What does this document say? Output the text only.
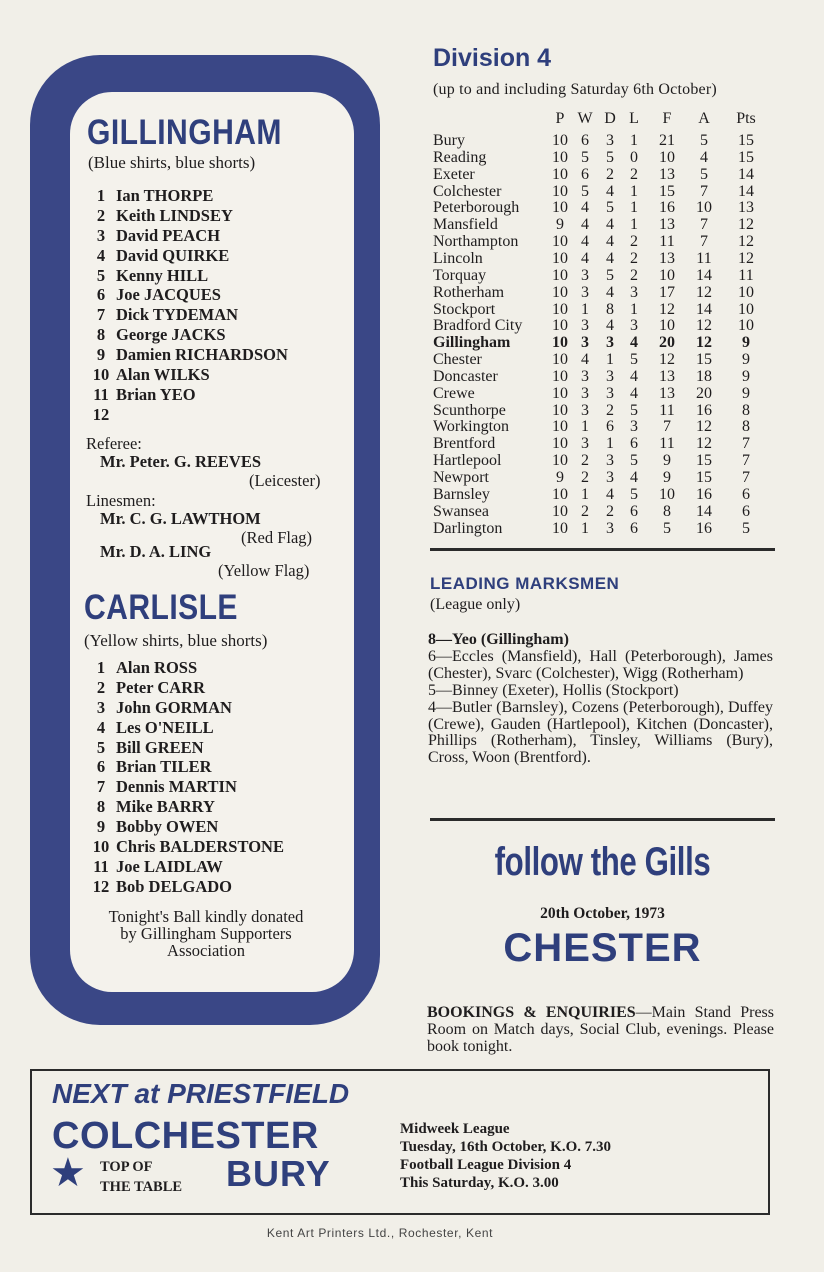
GILLINGHAM
(Blue shirts, blue shorts)
1 Ian THORPE
2 Keith LINDSEY
3 David PEACH
4 David QUIRKE
5 Kenny HILL
6 Joe JACQUES
7 Dick TYDEMAN
8 George JACKS
9 Damien RICHARDSON
10 Alan WILKS
11 Brian YEO
12
Referee:
Mr. Peter. G. REEVES
(Leicester)
Linesmen:
Mr. C. G. LAWTHOM
(Red Flag)
Mr. D. A. LING
(Yellow Flag)
CARLISLE
(Yellow shirts, blue shorts)
1 Alan ROSS
2 Peter CARR
3 John GORMAN
4 Les O'NEILL
5 Bill GREEN
6 Brian TILER
7 Dennis MARTIN
8 Mike BARRY
9 Bobby OWEN
10 Chris BALDERSTONE
11 Joe LAIDLAW
12 Bob DELGADO
Tonight's Ball kindly donated
by Gillingham Supporters
Association
Division 4
(up to and including Saturday 6th October)
P W D L	F	A	Pts
Bury	10 6	3	1	21	5	15
Reading	10 5	5	0	10	4	15
Exeter	10 6	2	2	13	5	14
Colchester	10 5	4	1	15	7	14
Peterborough 10 4	5	1	16 10 13
Mansfield	9	4	4	1	13	7	12
Northampton 10 4	4	2	11	7	12
Lincoln	10 4	4	2	13 11 12
Torquay	10 3	5	2	10 14 11
Rotherham	10 3	4	3	17 12 10
Stockport	10 1	8	1	12 14 10
Bradford City 10 3	4	3	10 12 10
Gillingham	10 3	3	4	20 12	9
Chester	10 4	1	5	12 15	9
Doncaster	10 3	3	4	13 18	9
Crewe	10 3	3	4	13 20	9
Scunthorpe	10 3	2	5	11 16	8
Workington	10 1	6	3	7	12	8
Brentford	10 3	1	6	11 12	7
Hartlepool	10 2	3	5	9	15	7
Newport	9	2	3	4	9	15	7
Barnsley	10 1	4	5	10 16	6
Swansea	10 2	2	6	8	14	6
Darlington	10 1	3	6	5	16	5
LEADING MARKSMEN
(League only)

8—Yeo (Gillingham)

6—Eccles (Mansfield), Hall (Peterborough), James (Chester), Svarc (Colchester), Wigg (Rotherham)

5—Binney (Exeter), Hollis (Stockport)

4—Butler (Barnsley), Cozens (Peterborough), Duffey (Crewe), Gauden (Hartlepool), Kitchen (Doncaster), Phillips (Rotherham), Tinsley, Williams (Bury), Cross, Woon (Brentford).

follow the Gills
20th October, 1973
CHESTER
BOOKINGS & ENQUIRIES—Main Stand Press Room on Match days, Social Club, evenings. Please book tonight.
NEXT at PRIESTFIELD
COLCHESTER
★ TOP OF
THE TABLE BURY
Midweek League
Tuesday, 16th October, K.O. 7.30
Football League Division 4
This Saturday, K.O. 3.00
Kent Art Printers Ltd., Rochester, Kent
